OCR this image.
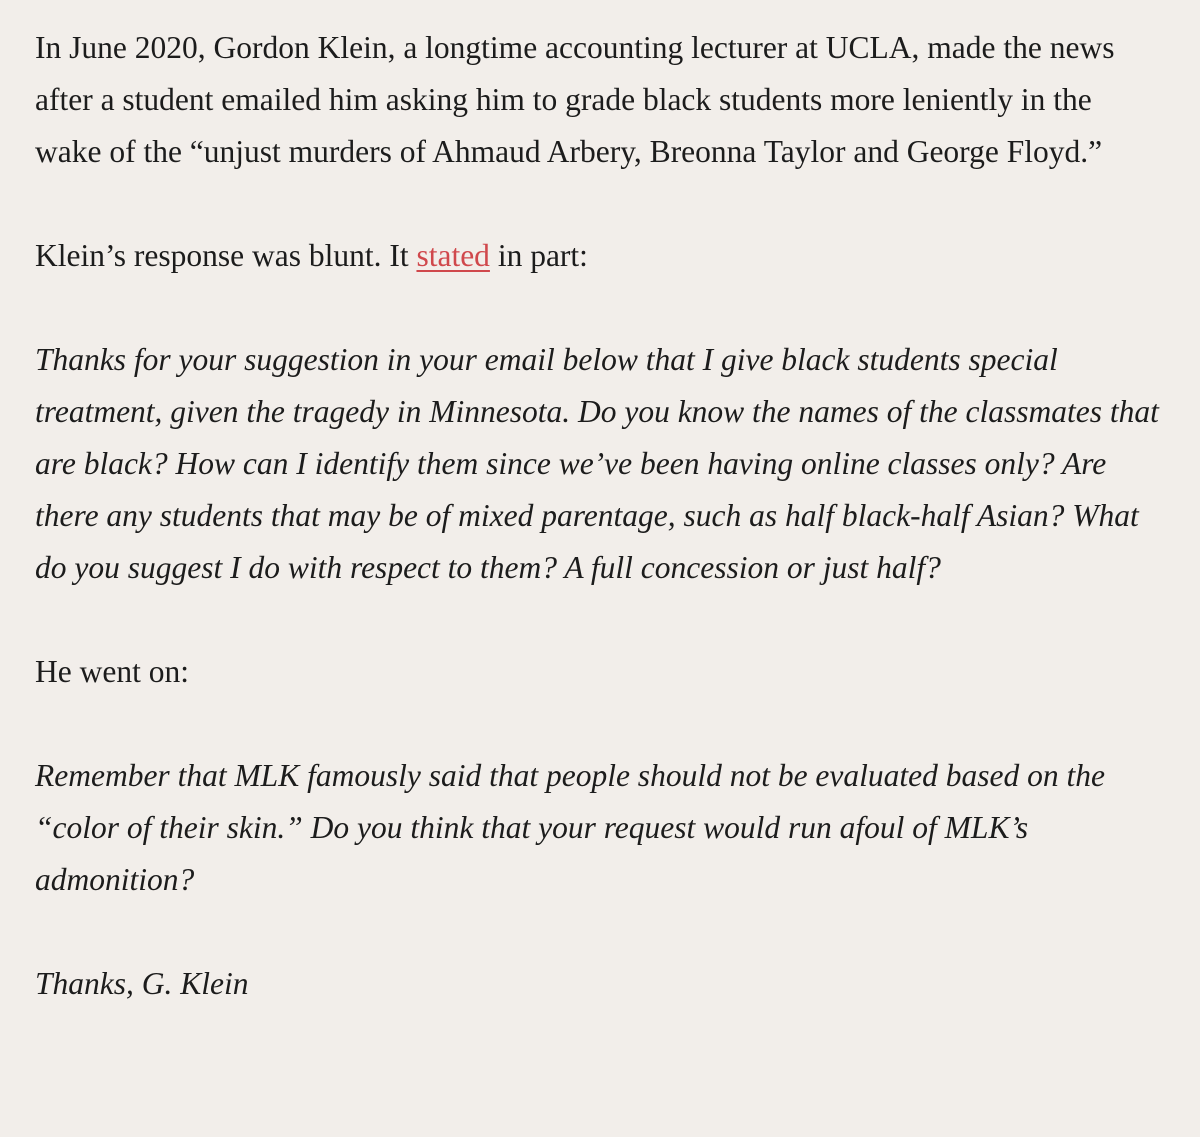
In June 2020, Gordon Klein, a longtime accounting lecturer at UCLA, made the news after a student emailed him asking him to grade black students more leniently in the wake of the “unjust murders of Ahmaud Arbery, Breonna Taylor and George Floyd.”

Klein’s response was blunt. It stated in part:

Thanks for your suggestion in your email below that I give black students special treatment, given the tragedy in Minnesota. Do you know the names of the classmates that are black? How can I identify them since we’ve been having online classes only? Are there any students that may be of mixed parentage, such as half black-half Asian? What do you suggest I do with respect to them? A full concession or just half?

He went on:

Remember that MLK famously said that people should not be evaluated based on the “color of their skin.” Do you think that your request would run afoul of MLK’s admonition?

Thanks, G. Klein
